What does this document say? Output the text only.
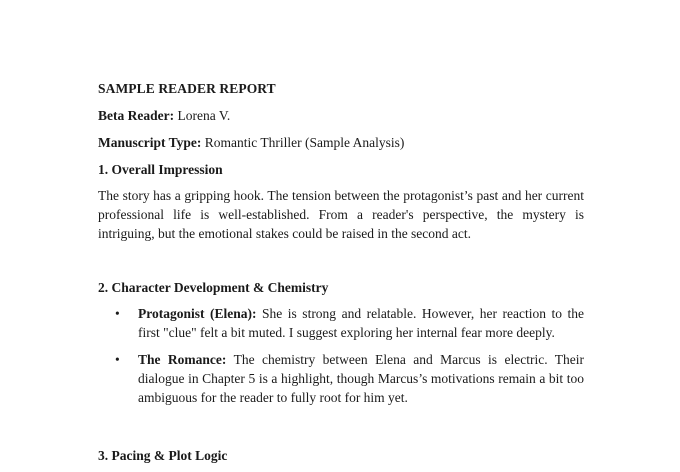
SAMPLE READER REPORT
Beta Reader: Lorena V.
Manuscript Type: Romantic Thriller (Sample Analysis)
1. Overall Impression

The story has a gripping hook. The tension between the protagonist’s past and her current professional life is well-established. From a reader's perspective, the mystery is intriguing, but the emotional stakes could be raised in the second act.

2. Character Development & Chemistry
• Protagonist (Elena): She is strong and relatable. However, her reaction to the first "clue" felt a bit muted. I suggest exploring her internal fear more deeply.
• The Romance: The chemistry between Elena and Marcus is electric. Their dialogue in Chapter 5 is a highlight, though Marcus’s motivations remain a bit too ambiguous for the reader to fully root for him yet.
3. Pacing & Plot Logic
